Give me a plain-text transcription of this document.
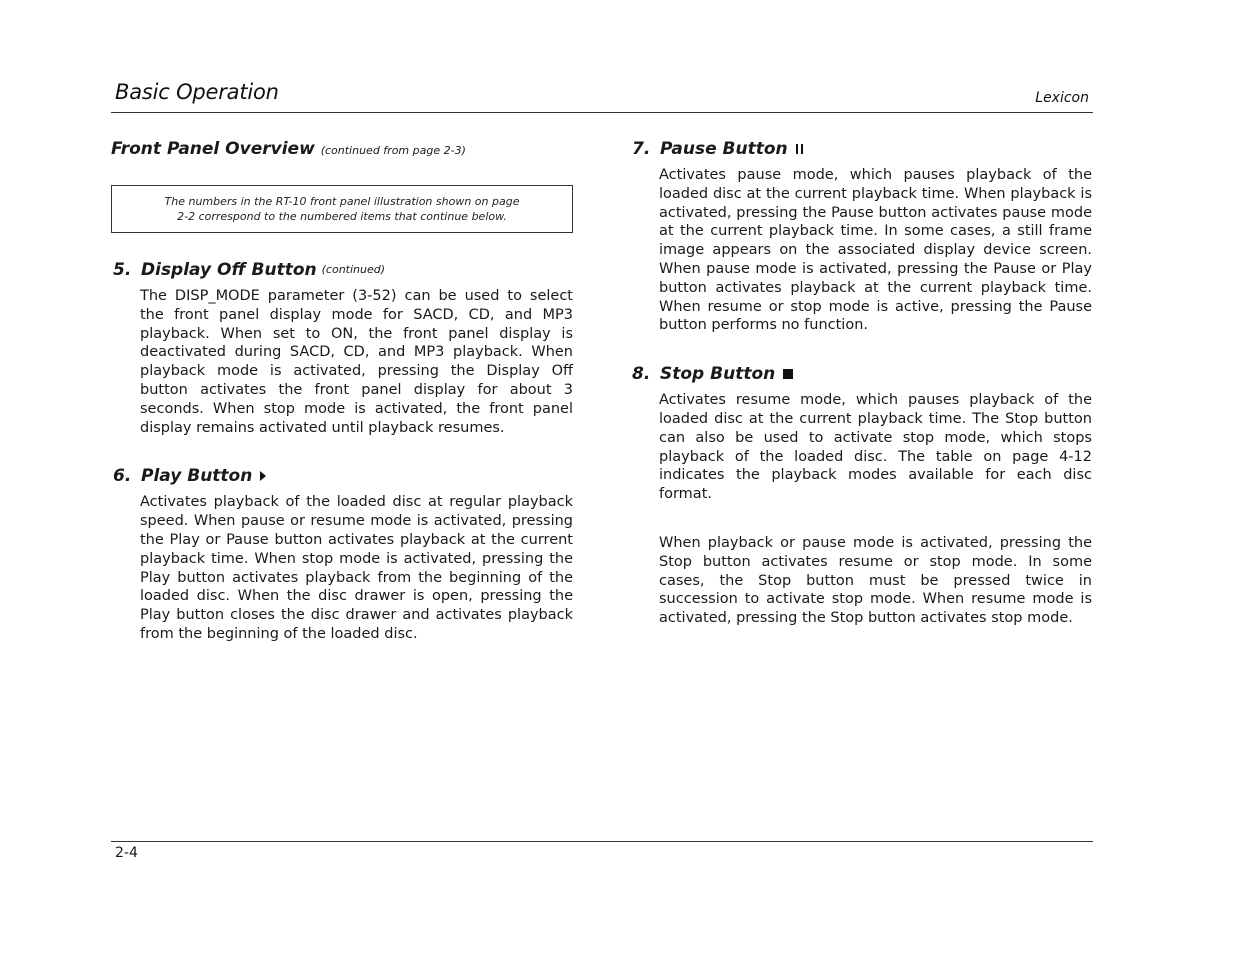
Basic Operation	Lexicon

Front Panel Overview (continued from page 2-3)

The numbers in the RT-10 front panel illustration shown on page
2-2 correspond to the numbered items that continue below.
5. Display Off Button (continued)

The DISP_MODE parameter (3-52) can be used to select the front panel display mode for SACD, CD, and MP3 playback. When set to ON, the front panel display is deactivated during SACD, CD, and MP3 playback. When playback mode is activated, pressing the Display Off button activates the front panel display for about 3 seconds. When stop mode is activated, the front panel display remains activated until playback resumes.

6. Play Button

Activates playback of the loaded disc at regular playback speed. When pause or resume mode is activated, pressing the Play or Pause button activates playback at the current playback time. When stop mode is activated, pressing the Play button activates playback from the beginning of the loaded disc. When the disc drawer is open, pressing the Play button closes the disc drawer and activates playback from the beginning of the loaded disc.

7. Pause Button

Activates pause mode, which pauses playback of the loaded disc at the current playback time. When playback is activated, pressing the Pause button activates pause mode at the current playback time. In some cases, a still frame image appears on the associated display device screen. When pause mode is activated, pressing the Pause or Play button activates playback at the current playback time. When resume or stop mode is active, pressing the Pause button performs no function.

8. Stop Button

Activates resume mode, which pauses playback of the loaded disc at the current playback time. The Stop button can also be used to activate stop mode, which stops playback of the loaded disc. The table on page 4-12 indicates the playback modes available for each disc format.

When playback or pause mode is activated, pressing the Stop button activates resume or stop mode. In some cases, the Stop button must be pressed twice in succession to activate stop mode. When resume mode is activated, pressing the Stop button activates stop mode.

2-4
